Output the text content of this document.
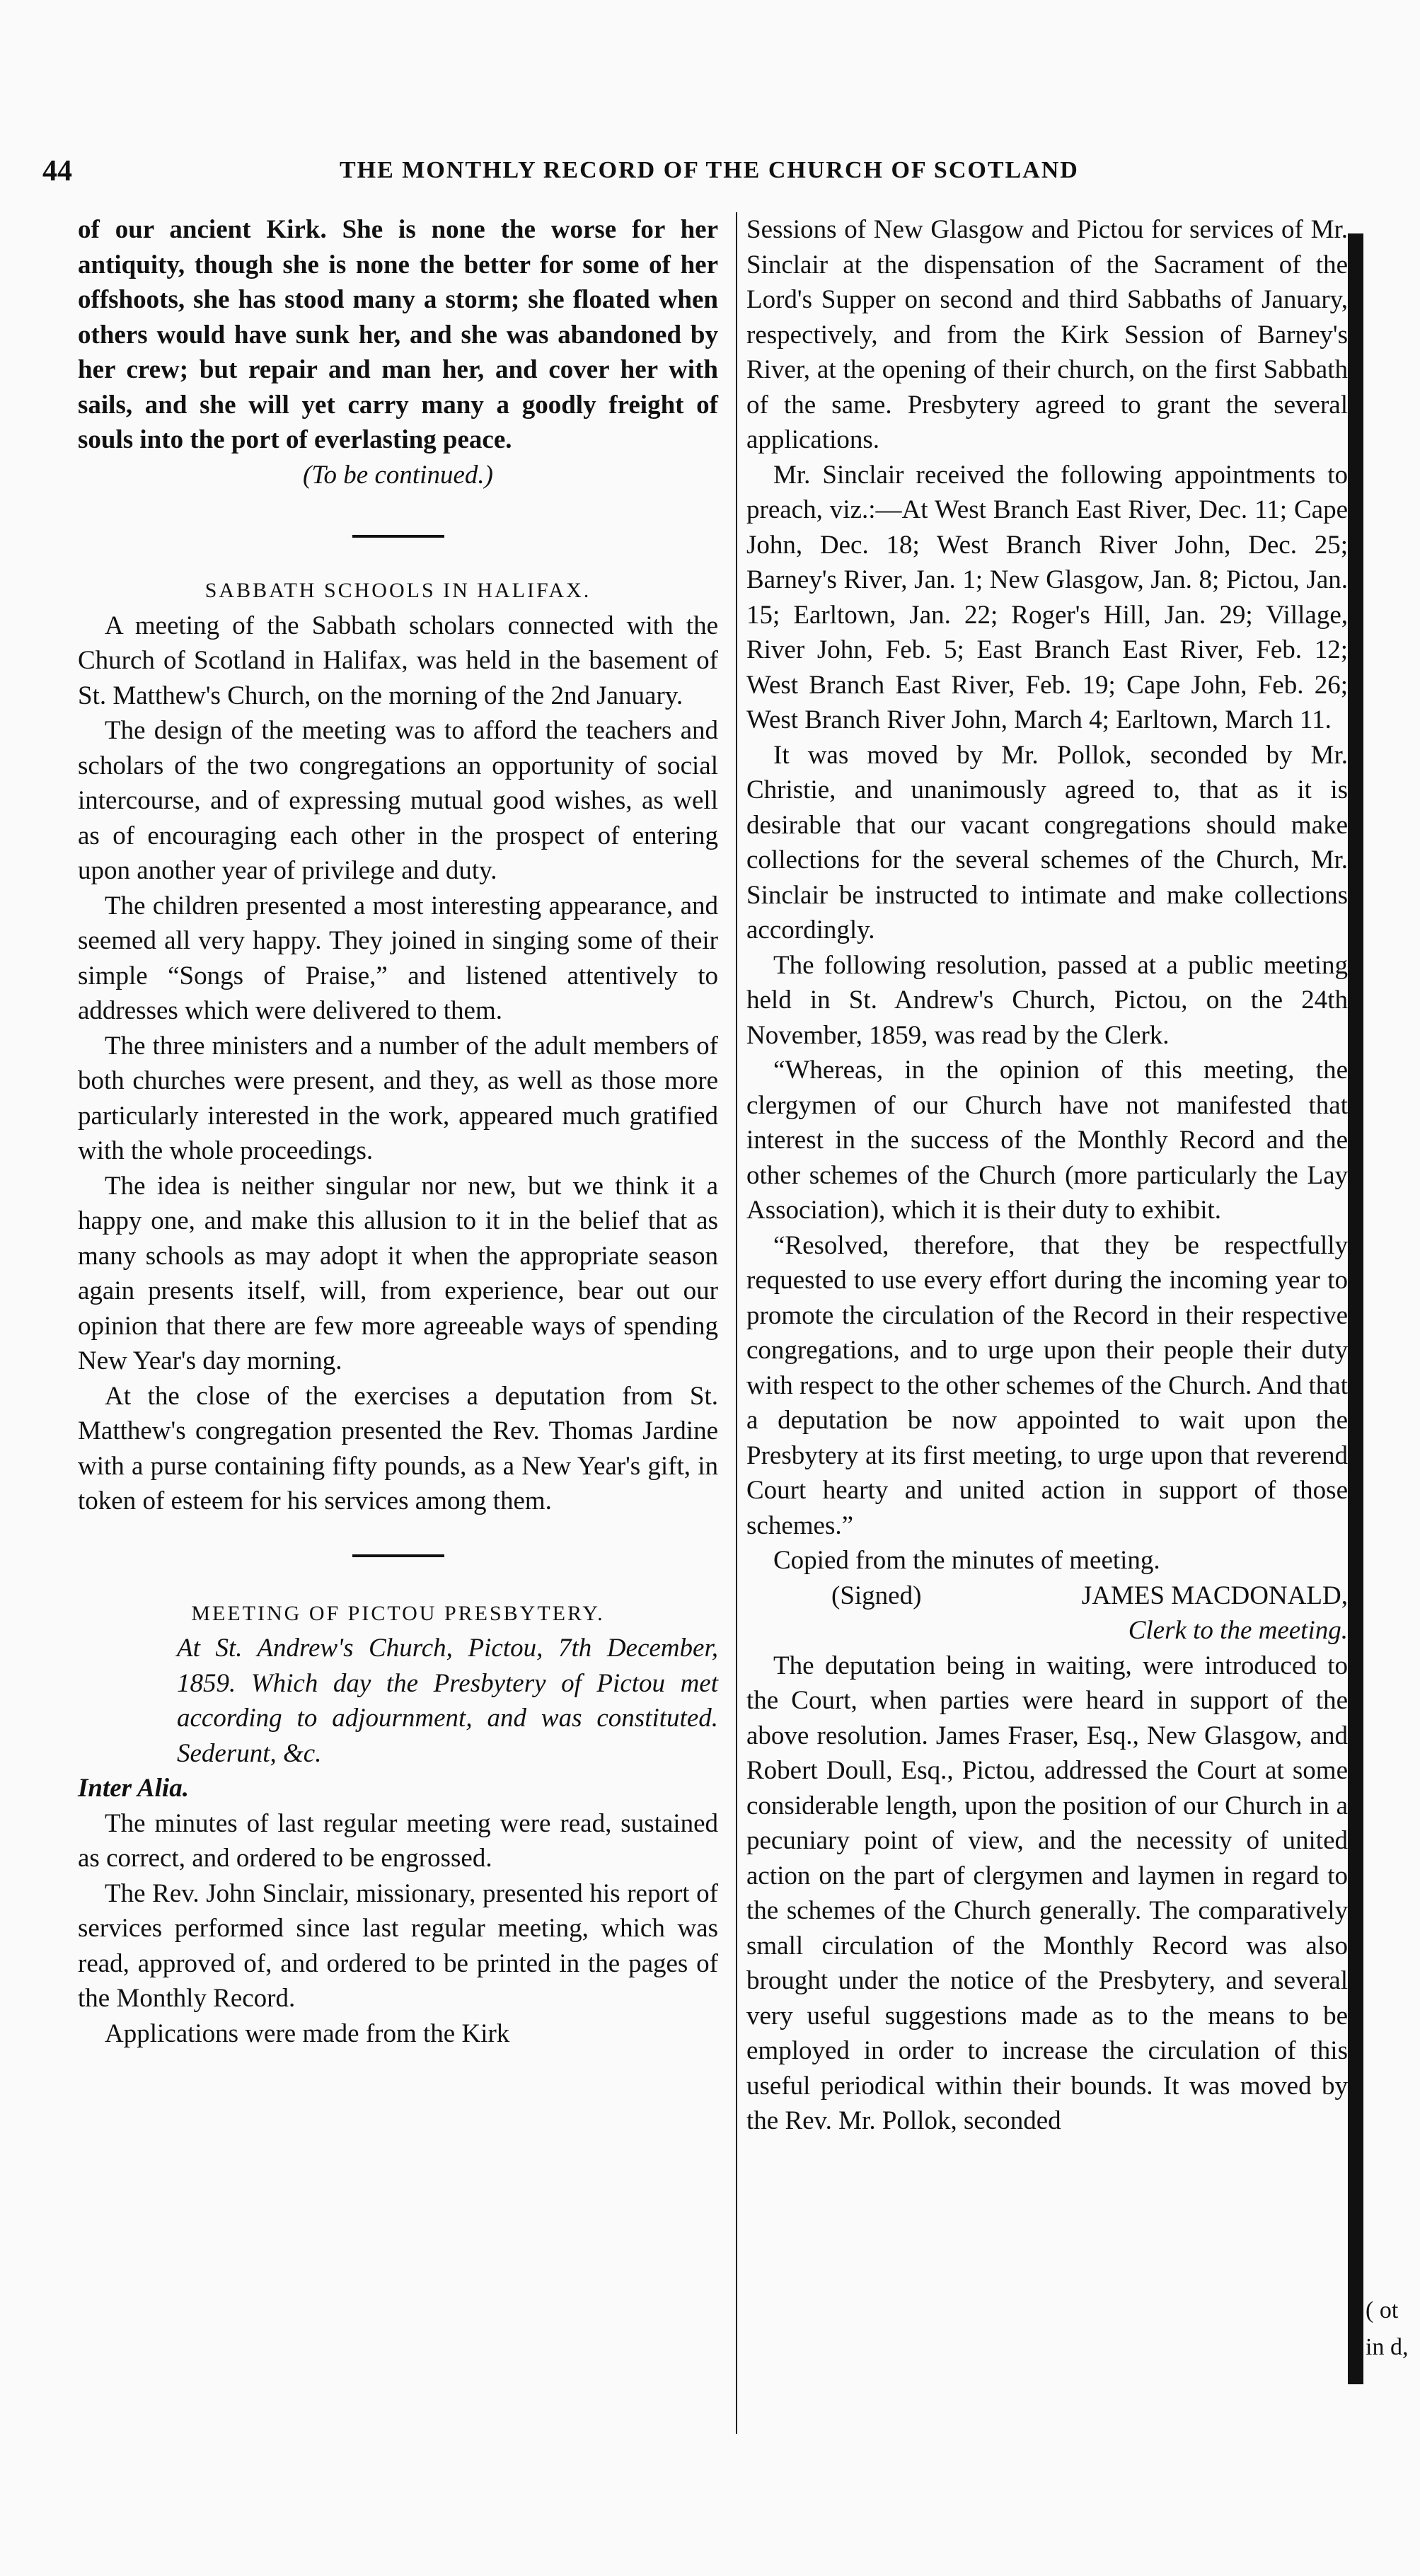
44	THE MONTHLY RECORD OF THE CHURCH OF SCOTLAND

of our ancient Kirk. She is none the worse for her antiquity, though she is none the better for some of her offshoots, she has stood many a storm; she floated when others would have sunk her, and she was abandoned by her crew; but repair and man her, and cover her with sails, and she will yet carry many a goodly freight of souls into the port of everlasting peace.

(To be continued.)

SABBATH SCHOOLS IN HALIFAX.

A meeting of the Sabbath scholars connected with the Church of Scotland in Halifax, was held in the basement of St. Matthew's Church, on the morning of the 2nd January.

The design of the meeting was to afford the teachers and scholars of the two congregations an opportunity of social intercourse, and of expressing mutual good wishes, as well as of encouraging each other in the prospect of entering upon another year of privilege and duty.

The children presented a most interesting appearance, and seemed all very happy. They joined in singing some of their simple “Songs of Praise,” and listened attentively to addresses which were delivered to them.

The three ministers and a number of the adult members of both churches were present, and they, as well as those more particularly interested in the work, appeared much gratified with the whole proceedings.

The idea is neither singular nor new, but we think it a happy one, and make this allusion to it in the belief that as many schools as may adopt it when the appropriate season again presents itself, will, from experience, bear out our opinion that there are few more agreeable ways of spending New Year's day morning.

At the close of the exercises a deputation from St. Matthew's congregation presented the Rev. Thomas Jardine with a purse containing fifty pounds, as a New Year's gift, in token of esteem for his services among them.

MEETING OF PICTOU PRESBYTERY.

At St. Andrew's Church, Pictou, 7th December, 1859. Which day the Presbytery of Pictou met according to adjournment, and was constituted. Sederunt, &c.

Inter Alia.

The minutes of last regular meeting were read, sustained as correct, and ordered to be engrossed.

The Rev. John Sinclair, missionary, presented his report of services performed since last regular meeting, which was read, approved of, and ordered to be printed in the pages of the Monthly Record.

Applications were made from the Kirk

Sessions of New Glasgow and Pictou for services of Mr. Sinclair at the dispensation of the Sacrament of the Lord's Supper on second and third Sabbaths of January, respectively, and from the Kirk Session of Barney's River, at the opening of their church, on the first Sabbath of the same. Presbytery agreed to grant the several applications.

Mr. Sinclair received the following appointments to preach, viz.:—At West Branch East River, Dec. 11; Cape John, Dec. 18; West Branch River John, Dec. 25; Barney's River, Jan. 1; New Glasgow, Jan. 8; Pictou, Jan. 15; Earltown, Jan. 22; Roger's Hill, Jan. 29; Village, River John, Feb. 5; East Branch East River, Feb. 12; West Branch East River, Feb. 19; Cape John, Feb. 26; West Branch River John, March 4; Earltown, March 11.

It was moved by Mr. Pollok, seconded by Mr. Christie, and unanimously agreed to, that as it is desirable that our vacant congregations should make collections for the several schemes of the Church, Mr. Sinclair be instructed to intimate and make collections accordingly.

The following resolution, passed at a public meeting held in St. Andrew's Church, Pictou, on the 24th November, 1859, was read by the Clerk.

“Whereas, in the opinion of this meeting, the clergymen of our Church have not manifested that interest in the success of the Monthly Record and the other schemes of the Church (more particularly the Lay Association), which it is their duty to exhibit.

“Resolved, therefore, that they be respectfully requested to use every effort during the incoming year to promote the circulation of the Record in their respective congregations, and to urge upon their people their duty with respect to the other schemes of the Church. And that a deputation be now appointed to wait upon the Presbytery at its first meeting, to urge upon that reverend Court hearty and united action in support of those schemes.”

Copied from the minutes of meeting.

(Signed)	JAMES MACDONALD,

Clerk to the meeting.

The deputation being in waiting, were introduced to the Court, when parties were heard in support of the above resolution. James Fraser, Esq., New Glasgow, and Robert Doull, Esq., Pictou, addressed the Court at some considerable length, upon the position of our Church in a pecuniary point of view, and the necessity of united action on the part of clergymen and laymen in regard to the schemes of the Church generally. The comparatively small circulation of the Monthly Record was also brought under the notice of the Presbytery, and several very useful suggestions made as to the means to be employed in order to increase the circulation of this useful periodical within their bounds. It was moved by the Rev. Mr. Pollok, seconded

( ot in d,
